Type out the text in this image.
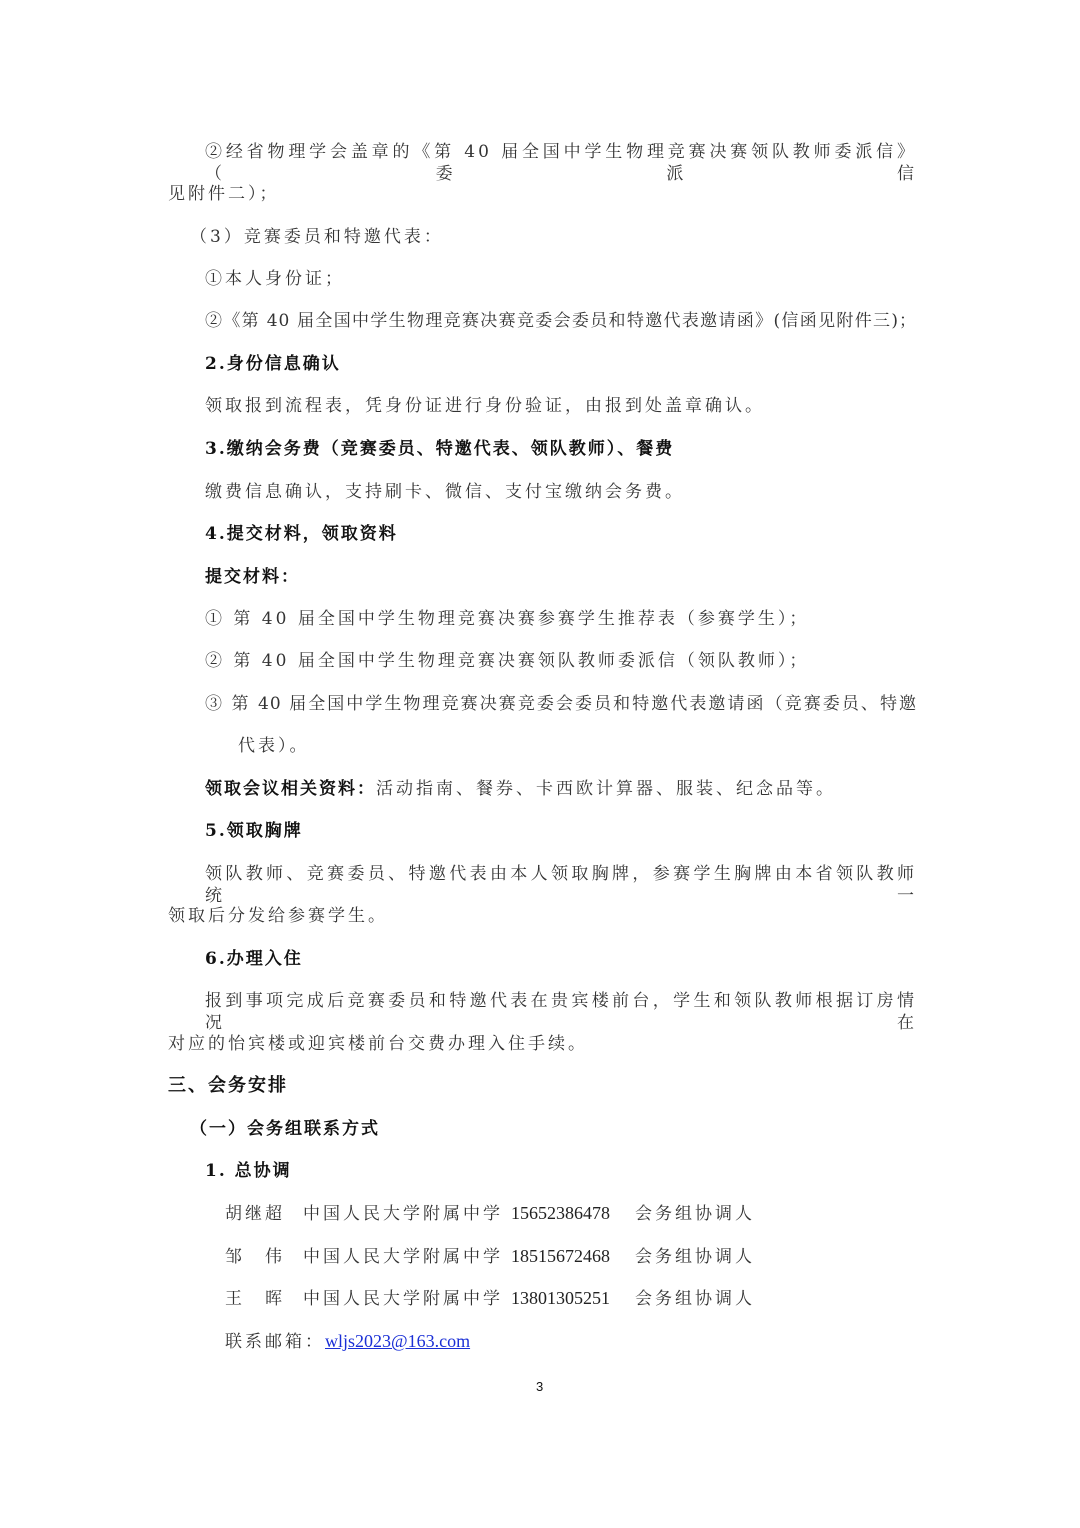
②经省物理学会盖章的《第 40 届全国中学生物理竞赛决赛领队教师委派信》（委派信
见附件二）；
（3）竞赛委员和特邀代表：
①本人身份证；
②《第 40 届全国中学生物理竞赛决赛竞委会委员和特邀代表邀请函》(信函见附件三)；
2.身份信息确认
领取报到流程表，凭身份证进行身份验证，由报到处盖章确认。
3.缴纳会务费（竞赛委员、特邀代表、领队教师）、餐费
缴费信息确认，支持刷卡、微信、支付宝缴纳会务费。
4.提交材料，领取资料
提交材料：
① 第 40 届全国中学生物理竞赛决赛参赛学生推荐表（参赛学生）；
② 第 40 届全国中学生物理竞赛决赛领队教师委派信（领队教师）；
③ 第 40 届全国中学生物理竞赛决赛竞委会委员和特邀代表邀请函（竞赛委员、特邀
代表）。
领取会议相关资料：活动指南、餐券、卡西欧计算器、服装、纪念品等。
5.领取胸牌
领队教师、竞赛委员、特邀代表由本人领取胸牌，参赛学生胸牌由本省领队教师统一
领取后分发给参赛学生。
6.办理入住
报到事项完成后竞赛委员和特邀代表在贵宾楼前台，学生和领队教师根据订房情况在
对应的怡宾楼或迎宾楼前台交费办理入住手续。
三、会务安排
（一）会务组联系方式
1. 总协调
胡继超 中国人民大学附属中学 15652386478 会务组协调人
邹　伟 中国人民大学附属中学 18515672468 会务组协调人
王　晖 中国人民大学附属中学 13801305251 会务组协调人
联系邮箱：wljs2023@163.com
3
